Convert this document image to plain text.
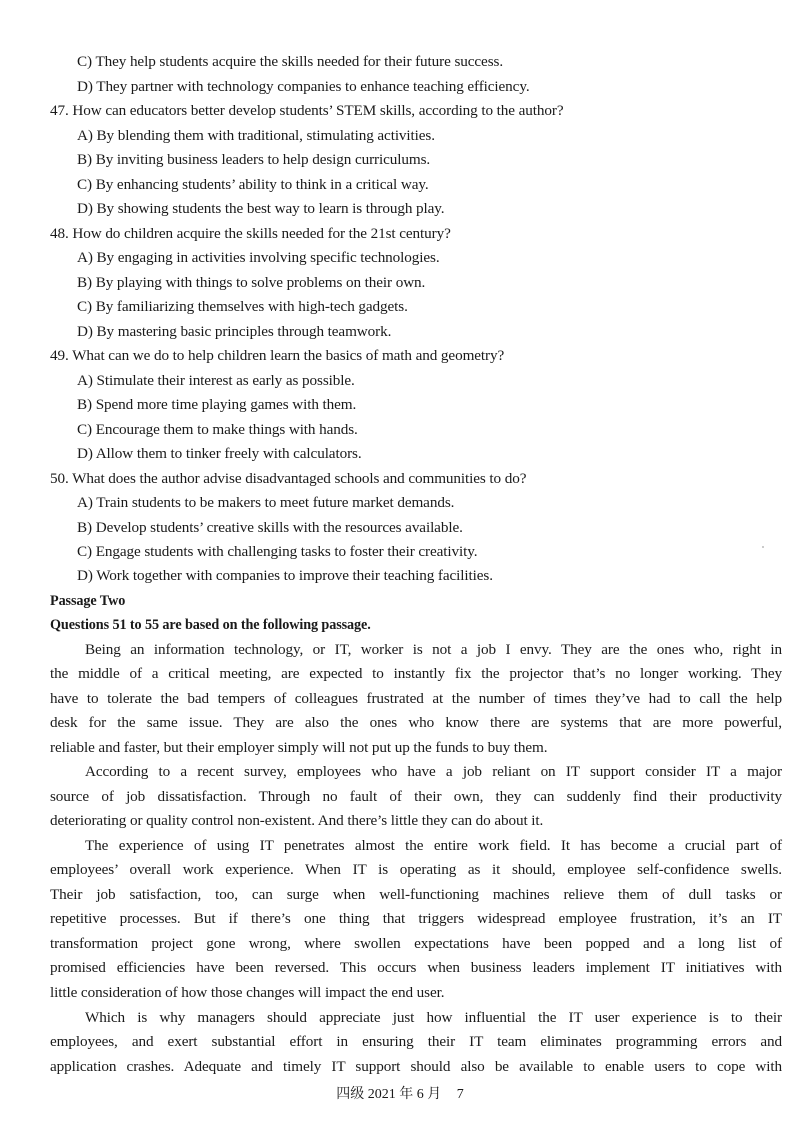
C) They help students acquire the skills needed for their future success.
D) They partner with technology companies to enhance teaching efficiency.
47. How can educators better develop students’ STEM skills, according to the author?
A) By blending them with traditional, stimulating activities.
B) By inviting business leaders to help design curriculums.
C) By enhancing students’ ability to think in a critical way.
D) By showing students the best way to learn is through play.
48. How do children acquire the skills needed for the 21st century?
A) By engaging in activities involving specific technologies.
B) By playing with things to solve problems on their own.
C) By familiarizing themselves with high-tech gadgets.
D) By mastering basic principles through teamwork.
49. What can we do to help children learn the basics of math and geometry?
A) Stimulate their interest as early as possible.
B) Spend more time playing games with them.
C) Encourage them to make things with hands.
D) Allow them to tinker freely with calculators.
50. What does the author advise disadvantaged schools and communities to do?
A) Train students to be makers to meet future market demands.
B) Develop students’ creative skills with the resources available.
C) Engage students with challenging tasks to foster their creativity.
D) Work together with companies to improve their teaching facilities.
Passage Two
Questions 51 to 55 are based on the following passage.
Being an information technology, or IT, worker is not a job I envy. They are the ones who, right in
the middle of a critical meeting, are expected to instantly fix the projector that’s no longer working. They
have to tolerate the bad tempers of colleagues frustrated at the number of times they’ve had to call the help
desk for the same issue. They are also the ones who know there are systems that are more powerful,
reliable and faster, but their employer simply will not put up the funds to buy them.
According to a recent survey, employees who have a job reliant on IT support consider IT a major
source of job dissatisfaction. Through no fault of their own, they can suddenly find their productivity
deteriorating or quality control non-existent. And there’s little they can do about it.
The experience of using IT penetrates almost the entire work field. It has become a crucial part of
employees’ overall work experience. When IT is operating as it should, employee self-confidence swells.
Their job satisfaction, too, can surge when well-functioning machines relieve them of dull tasks or
repetitive processes. But if there’s one thing that triggers widespread employee frustration, it’s an IT
transformation project gone wrong, where swollen expectations have been popped and a long list of
promised efficiencies have been reversed. This occurs when business leaders implement IT initiatives with
little consideration of how those changes will impact the end user.
Which is why managers should appreciate just how influential the IT user experience is to their
employees, and exert substantial effort in ensuring their IT team eliminates programming errors and
application crashes. Adequate and timely IT support should also be available to enable users to cope with
四级 2021 年 6 月 7
